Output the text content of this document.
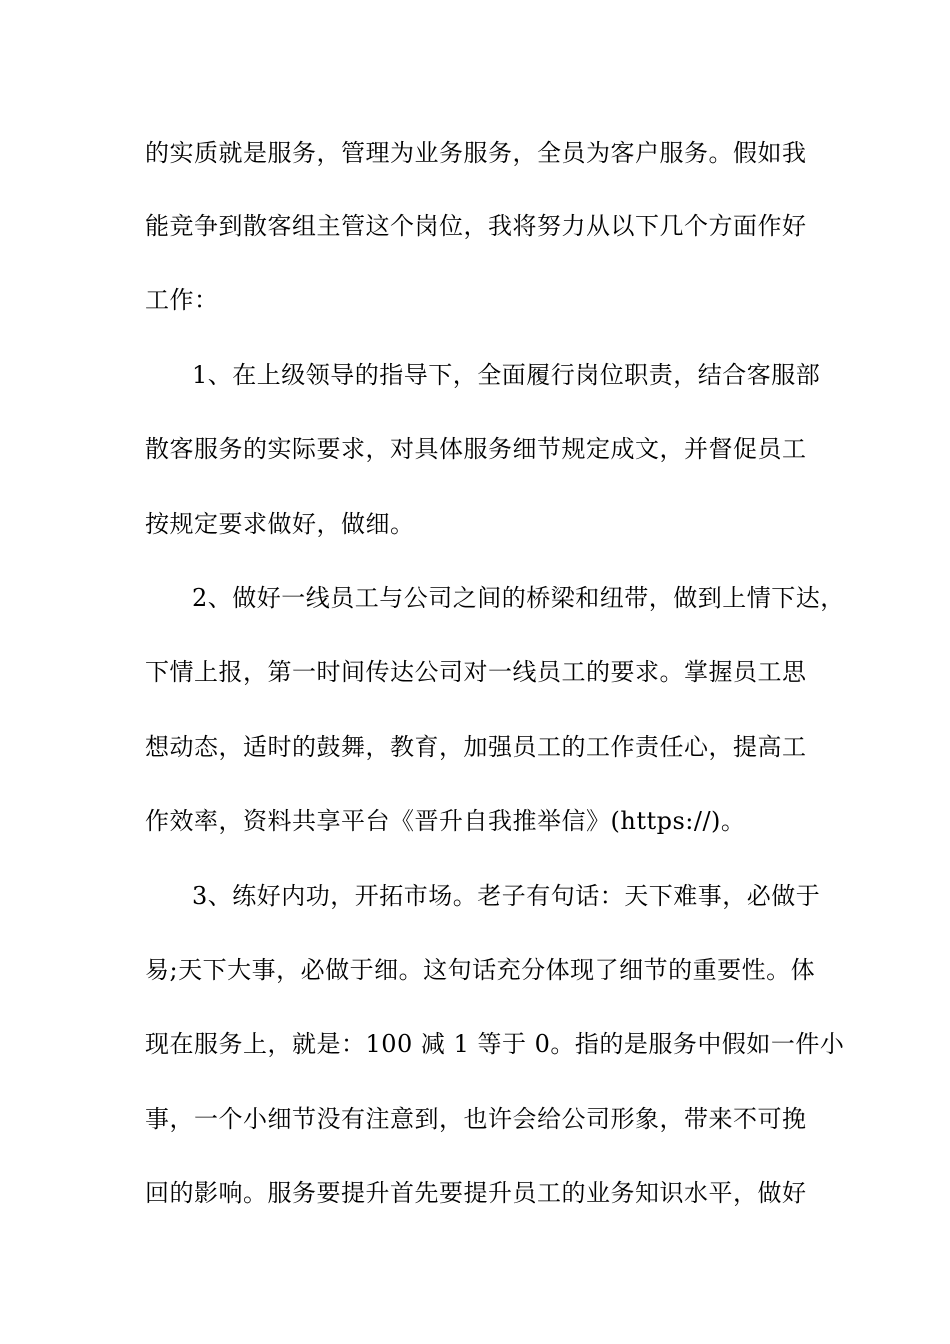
的实质就是服务，管理为业务服务，全员为客户服务。假如我
能竞争到散客组主管这个岗位，我将努力从以下几个方面作好
工作：
1、在上级领导的指导下，全面履行岗位职责，结合客服部
散客服务的实际要求，对具体服务细节规定成文，并督促员工
按规定要求做好，做细。
2、做好一线员工与公司之间的桥梁和纽带，做到上情下达，
下情上报，第一时间传达公司对一线员工的要求。掌握员工思
想动态，适时的鼓舞，教育，加强员工的工作责任心，提高工
作效率，资料共享平台《晋升自我推举信》(https://)。
3、练好内功，开拓市场。老子有句话：天下难事，必做于
易;天下大事，必做于细。这句话充分体现了细节的重要性。体
现在服务上，就是：100 减 1 等于 0。指的是服务中假如一件小
事，一个小细节没有注意到，也许会给公司形象，带来不可挽
回的影响。服务要提升首先要提升员工的业务知识水平，做好
